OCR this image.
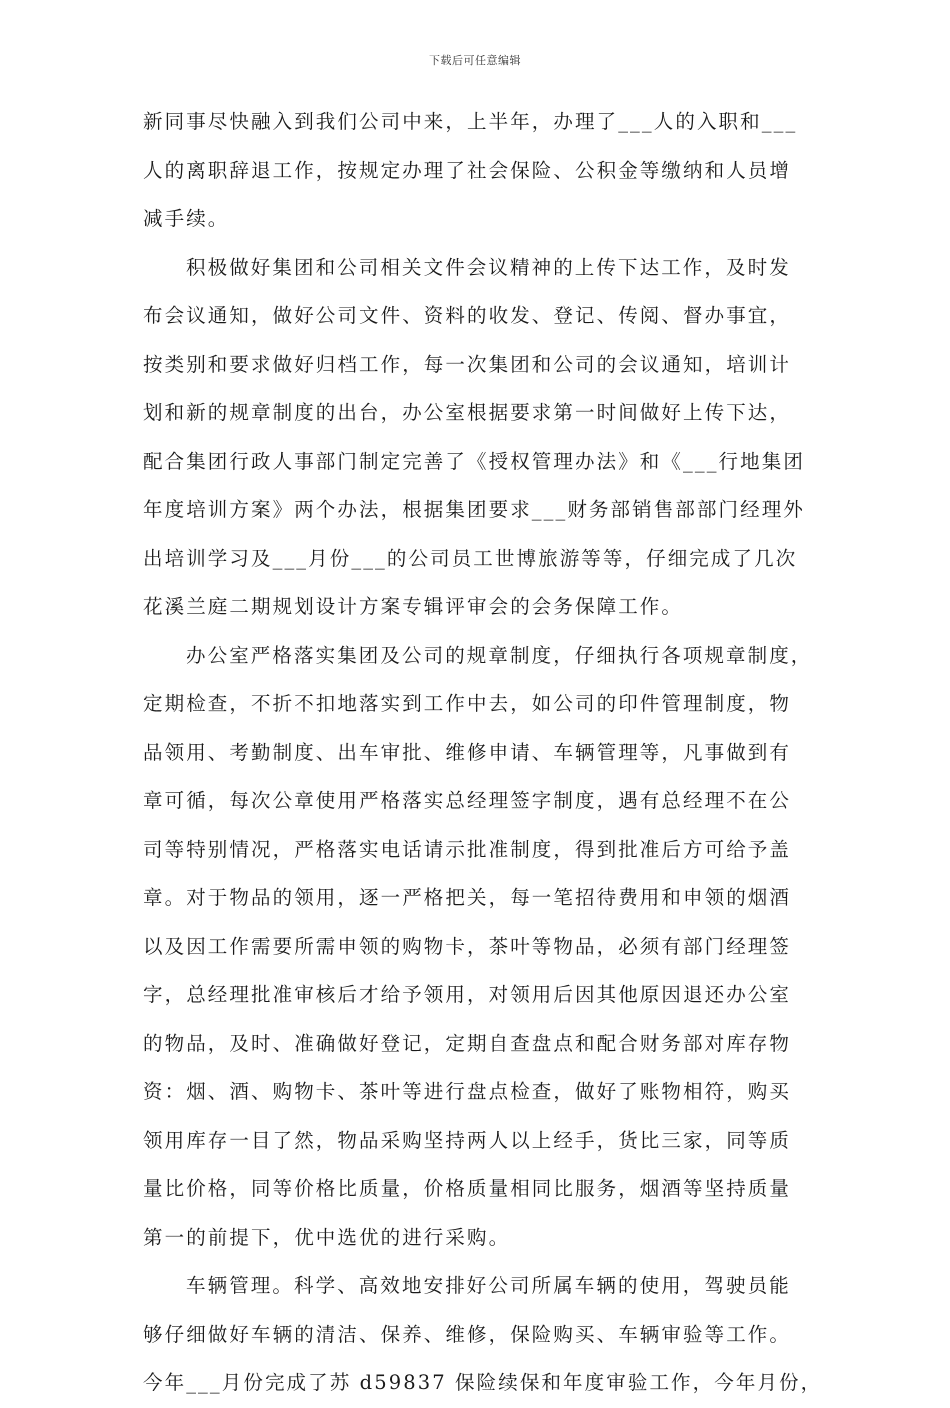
下载后可任意编辑
新同事尽快融入到我们公司中来，上半年，办理了___人的入职和___
人的离职辞退工作，按规定办理了社会保险、公积金等缴纳和人员增
减手续。
积极做好集团和公司相关文件会议精神的上传下达工作，及时发
布会议通知，做好公司文件、资料的收发、登记、传阅、督办事宜，
按类别和要求做好归档工作，每一次集团和公司的会议通知，培训计
划和新的规章制度的出台，办公室根据要求第一时间做好上传下达，
配合集团行政人事部门制定完善了《授权管理办法》和《___行地集团
年度培训方案》两个办法，根据集团要求___财务部销售部部门经理外
出培训学习及___月份___的公司员工世博旅游等等，仔细完成了几次
花溪兰庭二期规划设计方案专辑评审会的会务保障工作。
办公室严格落实集团及公司的规章制度，仔细执行各项规章制度，
定期检查，不折不扣地落实到工作中去，如公司的印件管理制度，物
品领用、考勤制度、出车审批、维修申请、车辆管理等，凡事做到有
章可循，每次公章使用严格落实总经理签字制度，遇有总经理不在公
司等特别情况，严格落实电话请示批准制度，得到批准后方可给予盖
章。对于物品的领用，逐一严格把关，每一笔招待费用和申领的烟酒
以及因工作需要所需申领的购物卡，茶叶等物品，必须有部门经理签
字，总经理批准审核后才给予领用，对领用后因其他原因退还办公室
的物品，及时、准确做好登记，定期自查盘点和配合财务部对库存物
资：烟、酒、购物卡、茶叶等进行盘点检查，做好了账物相符，购买
领用库存一目了然，物品采购坚持两人以上经手，货比三家，同等质
量比价格，同等价格比质量，价格质量相同比服务，烟酒等坚持质量
第一的前提下，优中选优的进行采购。
车辆管理。科学、高效地安排好公司所属车辆的使用，驾驶员能
够仔细做好车辆的清洁、保养、维修，保险购买、车辆审验等工作。
今年___月份完成了苏 d59837 保险续保和年度审验工作，今年月份，
